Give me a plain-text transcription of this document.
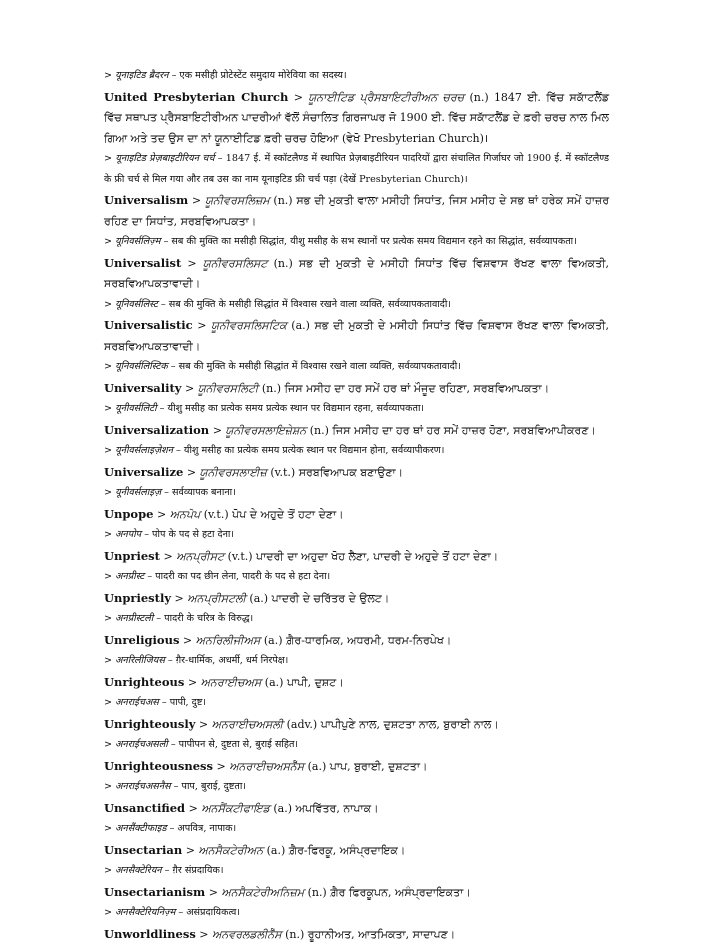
> यूनाइटिड ब्रैदरन – एक मसीही प्रोटेस्टेंट समुदाय मोरेविया का सदस्य।

United Presbyterian Church > ਯੂਨਾਈਟਿਡ ਪ੍ਰੈਸਬਾਇਟੀਰੀਅਨ ਚਰਚ (n.) 1847 ਈ. ਵਿੱਚ ਸਕਾੱਟਲੈਂਡ ਵਿੱਚ ਸਥਾਪਤ ਪ੍ਰੈਸਬਾਇਟੀਰੀਅਨ ਪਾਦਰੀਆਂ ਵੱਲੋਂ ਸੰਚਾਲਿਤ ਗਿਰਜਾਘਰ ਜੋ 1900 ਈ. ਵਿੱਚ ਸਕਾੱਟਲੈਂਡ ਦੇ ਫ਼ਰੀ ਚਰਚ ਨਾਲ ਮਿਲ ਗਿਆ ਅਤੇ ਤਦ ਉਸ ਦਾ ਨਾਂ ਯੂਨਾਈਟਿਡ ਫ਼ਰੀ ਚਰਚ ਹੋਇਆ (ਵੇਖੋ Presbyterian Church)।

> यूनाइटिड प्रेज़बाइटीरियन चर्च – 1847 ई. में स्कॉटलैण्ड में स्थापित प्रेज़बाइटीरियन पादरियों द्वारा संचालित गिर्जाघर जो 1900 ई. में स्कॉटलैण्ड के फ्री चर्च से मिल गया और तब उस का नाम यूनाइटिड फ्री चर्च पड़ा (देखें Presbyterian Church)।

Universalism > ਯੂਨੀਵਰਸਲਿਜ਼ਮ (n.) ਸਭ ਦੀ ਮੁਕਤੀ ਵਾਲਾ ਮਸੀਹੀ ਸਿਧਾਂਤ, ਜਿਸ ਮਸੀਹ ਦੇ ਸਭ ਥਾਂ ਹਰੇਕ ਸਮੇਂ ਹਾਜ਼ਰ ਰਹਿਣ ਦਾ ਸਿਧਾਂਤ, ਸਰਬਵਿਆਪਕਤਾ।

> यूनिवर्सलिज़्म – सब की मुक्ति का मसीही सिद्धांत, यीशु मसीह के सभ स्थानों पर प्रत्येक समय विद्यमान रहने का सिद्धांत, सर्वव्यापकता।

Universalist > ਯੂਨੀਵਰਸਲਿਸਟ (n.) ਸਭ ਦੀ ਮੁਕਤੀ ਦੇ ਮਸੀਹੀ ਸਿਧਾਂਤ ਵਿੱਚ ਵਿਸ਼ਵਾਸ ਰੱਖਣ ਵਾਲਾ ਵਿਅਕਤੀ, ਸਰਬਵਿਆਪਕਤਾਵਾਦੀ।

> यूनिवर्सलिस्ट – सब की मुक्ति के मसीही सिद्धांत में विश्वास रखने वाला व्यक्ति, सर्वव्यापकतावादी।

Universalistic > ਯੂਨੀਵਰਸਲਿਸਟਿਕ (a.) ਸਭ ਦੀ ਮੁਕਤੀ ਦੇ ਮਸੀਹੀ ਸਿਧਾਂਤ ਵਿੱਚ ਵਿਸ਼ਵਾਸ ਰੱਖਣ ਵਾਲਾ ਵਿਅਕਤੀ, ਸਰਬਵਿਆਪਕਤਾਵਾਦੀ।

> यूनिवर्सलिस्टिक – सब की मुक्ति के मसीही सिद्धांत में विश्वास रखने वाला व्यक्ति, सर्वव्यापकतावादी।

Universality > ਯੂਨੀਵਰਸਲਿਟੀ (n.) ਜਿਸ ਮਸੀਹ ਦਾ ਹਰ ਸਮੇਂ ਹਰ ਥਾਂ ਮੌਜੂਦ ਰਹਿਣਾ, ਸਰਬਵਿਆਪਕਤਾ।

> यूनीवर्सलिटी – यीशु मसीह का प्रत्येक समय प्रत्येक स्थान पर विद्यमान रहना, सर्वव्यापकता।

Universalization > ਯੂਨੀਵਰਸਲਾਇਜ਼ੇਸ਼ਨ (n.) ਜਿਸ ਮਸੀਹ ਦਾ ਹਰ ਥਾਂ ਹਰ ਸਮੇਂ ਹਾਜ਼ਰ ਹੋਣਾ, ਸਰਬਵਿਆਪੀਕਰਣ।

> यूनीवर्सलाइज़ेशन – यीशु मसीह का प्रत्येक समय प्रत्येक स्थान पर विद्यमान होना, सर्वव्यापीकरण।

Universalize > ਯੂਨੀਵਰਸਲਾਈਜ਼ (v.t.) ਸਰਬਵਿਆਪਕ ਬਣਾਉਣਾ।

> यूनीवर्सलाइज़ – सर्वव्यापक बनाना।

Unpope > ਅਨਪੋਪ (v.t.) ਪੋਪ ਦੇ ਅਹੁਦੇ ਤੋਂ ਹਟਾ ਦੇਣਾ।

> अनपोप – पोप के पद से हटा देना।

Unpriest > ਅਨਪ੍ਰੀਸਟ (v.t.) ਪਾਦਰੀ ਦਾ ਅਹੁਦਾ ਖੋਹ ਲੈਣਾ, ਪਾਦਰੀ ਦੇ ਅਹੁਦੇ ਤੋਂ ਹਟਾ ਦੇਣਾ।

> अनप्रीस्ट – पादरी का पद छीन लेना, पादरी के पद से हटा देना।

Unpriestly > ਅਨਪ੍ਰੀਸਟਲੀ (a.) ਪਾਦਰੀ ਦੇ ਚਰਿੱਤਰ ਦੇ ਉਲਟ।

> अनप्रीस्टली – पादरी के चरित्र के विरुद्ध।

Unreligious > ਅਨਰਿਲੀਜੀਅਸ (a.) ਗ਼ੈਰ-ਧਾਰਮਿਕ, ਅਧਰਮੀ, ਧਰਮ-ਨਿਰਪੇਖ।

> अनरिलीजियस – ग़ैर-धार्मिक, अधर्मी, धर्म निरपेक्ष।

Unrighteous > ਅਨਰਾਈਚਅਸ (a.) ਪਾਪੀ, ਦੁਸ਼ਟ।

> अनराईचअस – पापी, दुष्ट।

Unrighteously > ਅਨਰਾਈਚਅਸਲੀ (adv.) ਪਾਪੀਪੁਣੇ ਨਾਲ, ਦੁਸ਼ਟਤਾ ਨਾਲ, ਬੁਰਾਈ ਨਾਲ।

> अनराईचअसली – पापीपन से, दुष्टता से, बुराई सहित।

Unrighteousness > ਅਨਰਾਈਚਅਸਨੈੱਸ (a.) ਪਾਪ, ਬੁਰਾਈ, ਦੁਸ਼ਟਤਾ।

> अनराईचअसनैस – पाप, बुराई, दुष्टता।

Unsanctified > ਅਨਸੈਂਕਟੀਫਾਇਡ (a.) ਅਪਵਿੱਤਰ, ਨਾਪਾਕ।

> अनसैंक्टीफाइड – अपवित्र, नापाक।

Unsectarian > ਅਨਸੈਕਟੇਰੀਅਨ (a.) ਗ਼ੈਰ-ਫਿਰਕੂ, ਅਸੰਪ੍ਰਦਾਇਕ।

> अनसैक्टेरियन – ग़ैर संप्रदायिक।

Unsectarianism > ਅਨਸੈਕਟੇਰੀਅਨਿਜ਼ਮ (n.) ਗ਼ੈਰ ਫਿਰਕੂਪਨ, ਅਸੰਪ੍ਰਦਾਇਕਤਾ।

> अनसैक्टेरियनिज़्म – असंप्रदायिकत्व।

Unworldliness > ਅਨਵਰਲਡਲੀਨੈੱਸ (n.) ਰੂਹਾਨੀਅਤ, ਆਤਮਿਕਤਾ, ਸਾਦਾਪਣ।
